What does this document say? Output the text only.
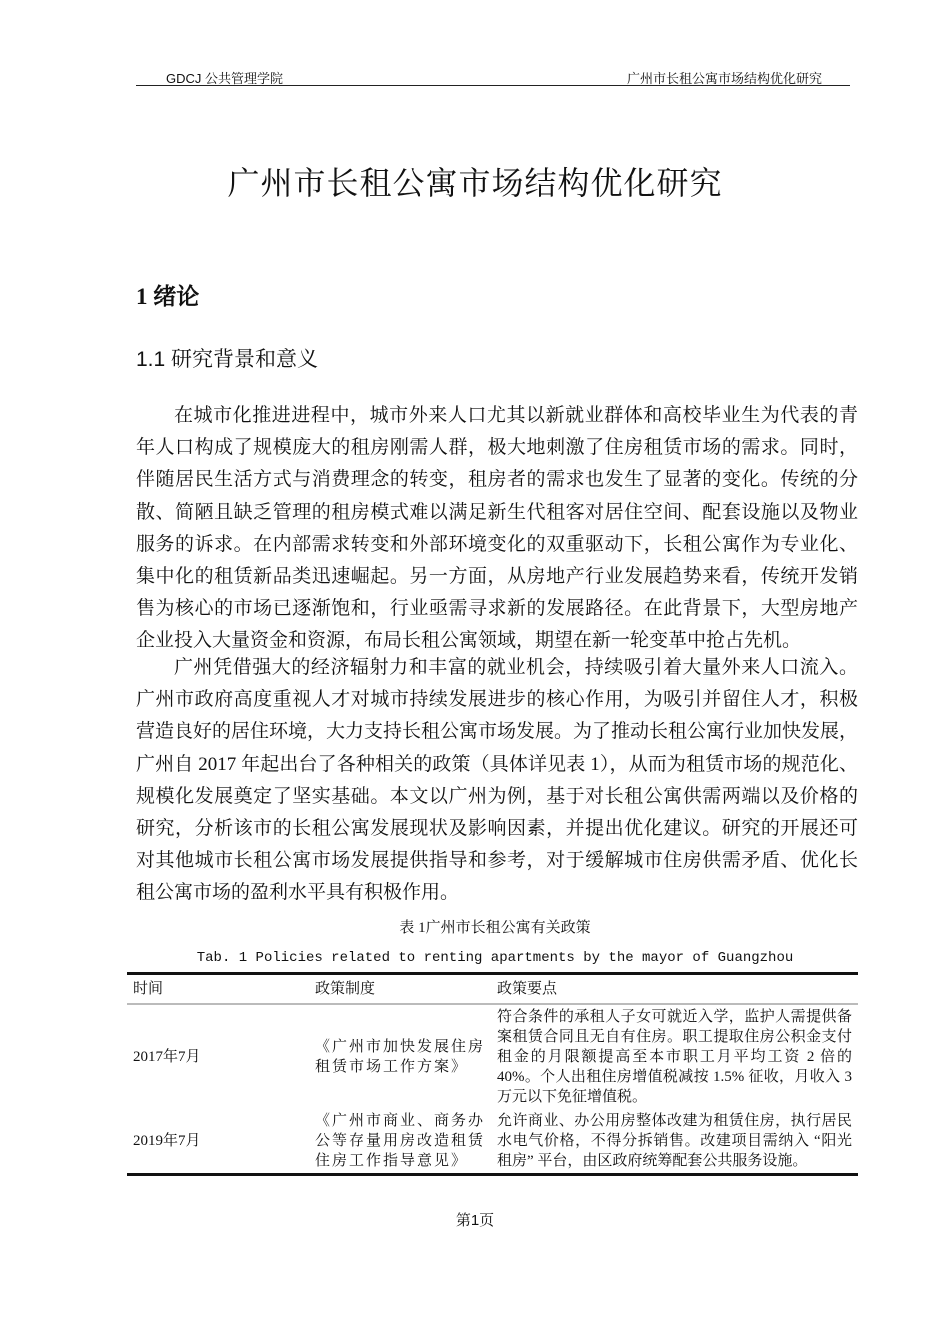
GDCJ 公共管理学院	广州市长租公寓市场结构优化研究
广州市长租公寓市场结构优化研究
1 绪论
1.1 研究背景和意义
在城市化推进进程中，城市外来人口尤其以新就业群体和高校毕业生为代表的青
年人口构成了规模庞大的租房刚需人群，极大地刺激了住房租赁市场的需求。同时，
伴随居民生活方式与消费理念的转变，租房者的需求也发生了显著的变化。传统的分
散、简陋且缺乏管理的租房模式难以满足新生代租客对居住空间、配套设施以及物业
服务的诉求。在内部需求转变和外部环境变化的双重驱动下，长租公寓作为专业化、
集中化的租赁新品类迅速崛起。另一方面，从房地产行业发展趋势来看，传统开发销
售为核心的市场已逐渐饱和，行业亟需寻求新的发展路径。在此背景下，大型房地产
企业投入大量资金和资源，布局长租公寓领域，期望在新一轮变革中抢占先机。
广州凭借强大的经济辐射力和丰富的就业机会，持续吸引着大量外来人口流入。
广州市政府高度重视人才对城市持续发展进步的核心作用，为吸引并留住人才，积极
营造良好的居住环境，大力支持长租公寓市场发展。为了推动长租公寓行业加快发展，
广州自 2017 年起出台了各种相关的政策（具体详见表 1），从而为租赁市场的规范化、
规模化发展奠定了坚实基础。本文以广州为例，基于对长租公寓供需两端以及价格的
研究，分析该市的长租公寓发展现状及影响因素，并提出优化建议。研究的开展还可
对其他城市长租公寓市场发展提供指导和参考，对于缓解城市住房供需矛盾、优化长
租公寓市场的盈利水平具有积极作用。
表 1广州市长租公寓有关政策
Tab. 1 Policies related to renting apartments by the mayor of Guangzhou
时间	政策制度	政策要点
2017年7月	《广州市加快发展住房租赁市场工作方案》	符合条件的承租人子女可就近入学，监护人需提供备案租赁合同且无自有住房。职工提取住房公积金支付租金的月限额提高至本市职工月平均工资 2 倍的 40%。个人出租住房增值税减按 1.5% 征收，月收入 3 万元以下免征增值税。
2019年7月	《广州市商业、商务办公等存量用房改造租赁住房工作指导意见》	允许商业、办公用房整体改建为租赁住房，执行居民水电气价格，不得分拆销售。改建项目需纳入 “阳光租房” 平台，由区政府统筹配套公共服务设施。
第1页
